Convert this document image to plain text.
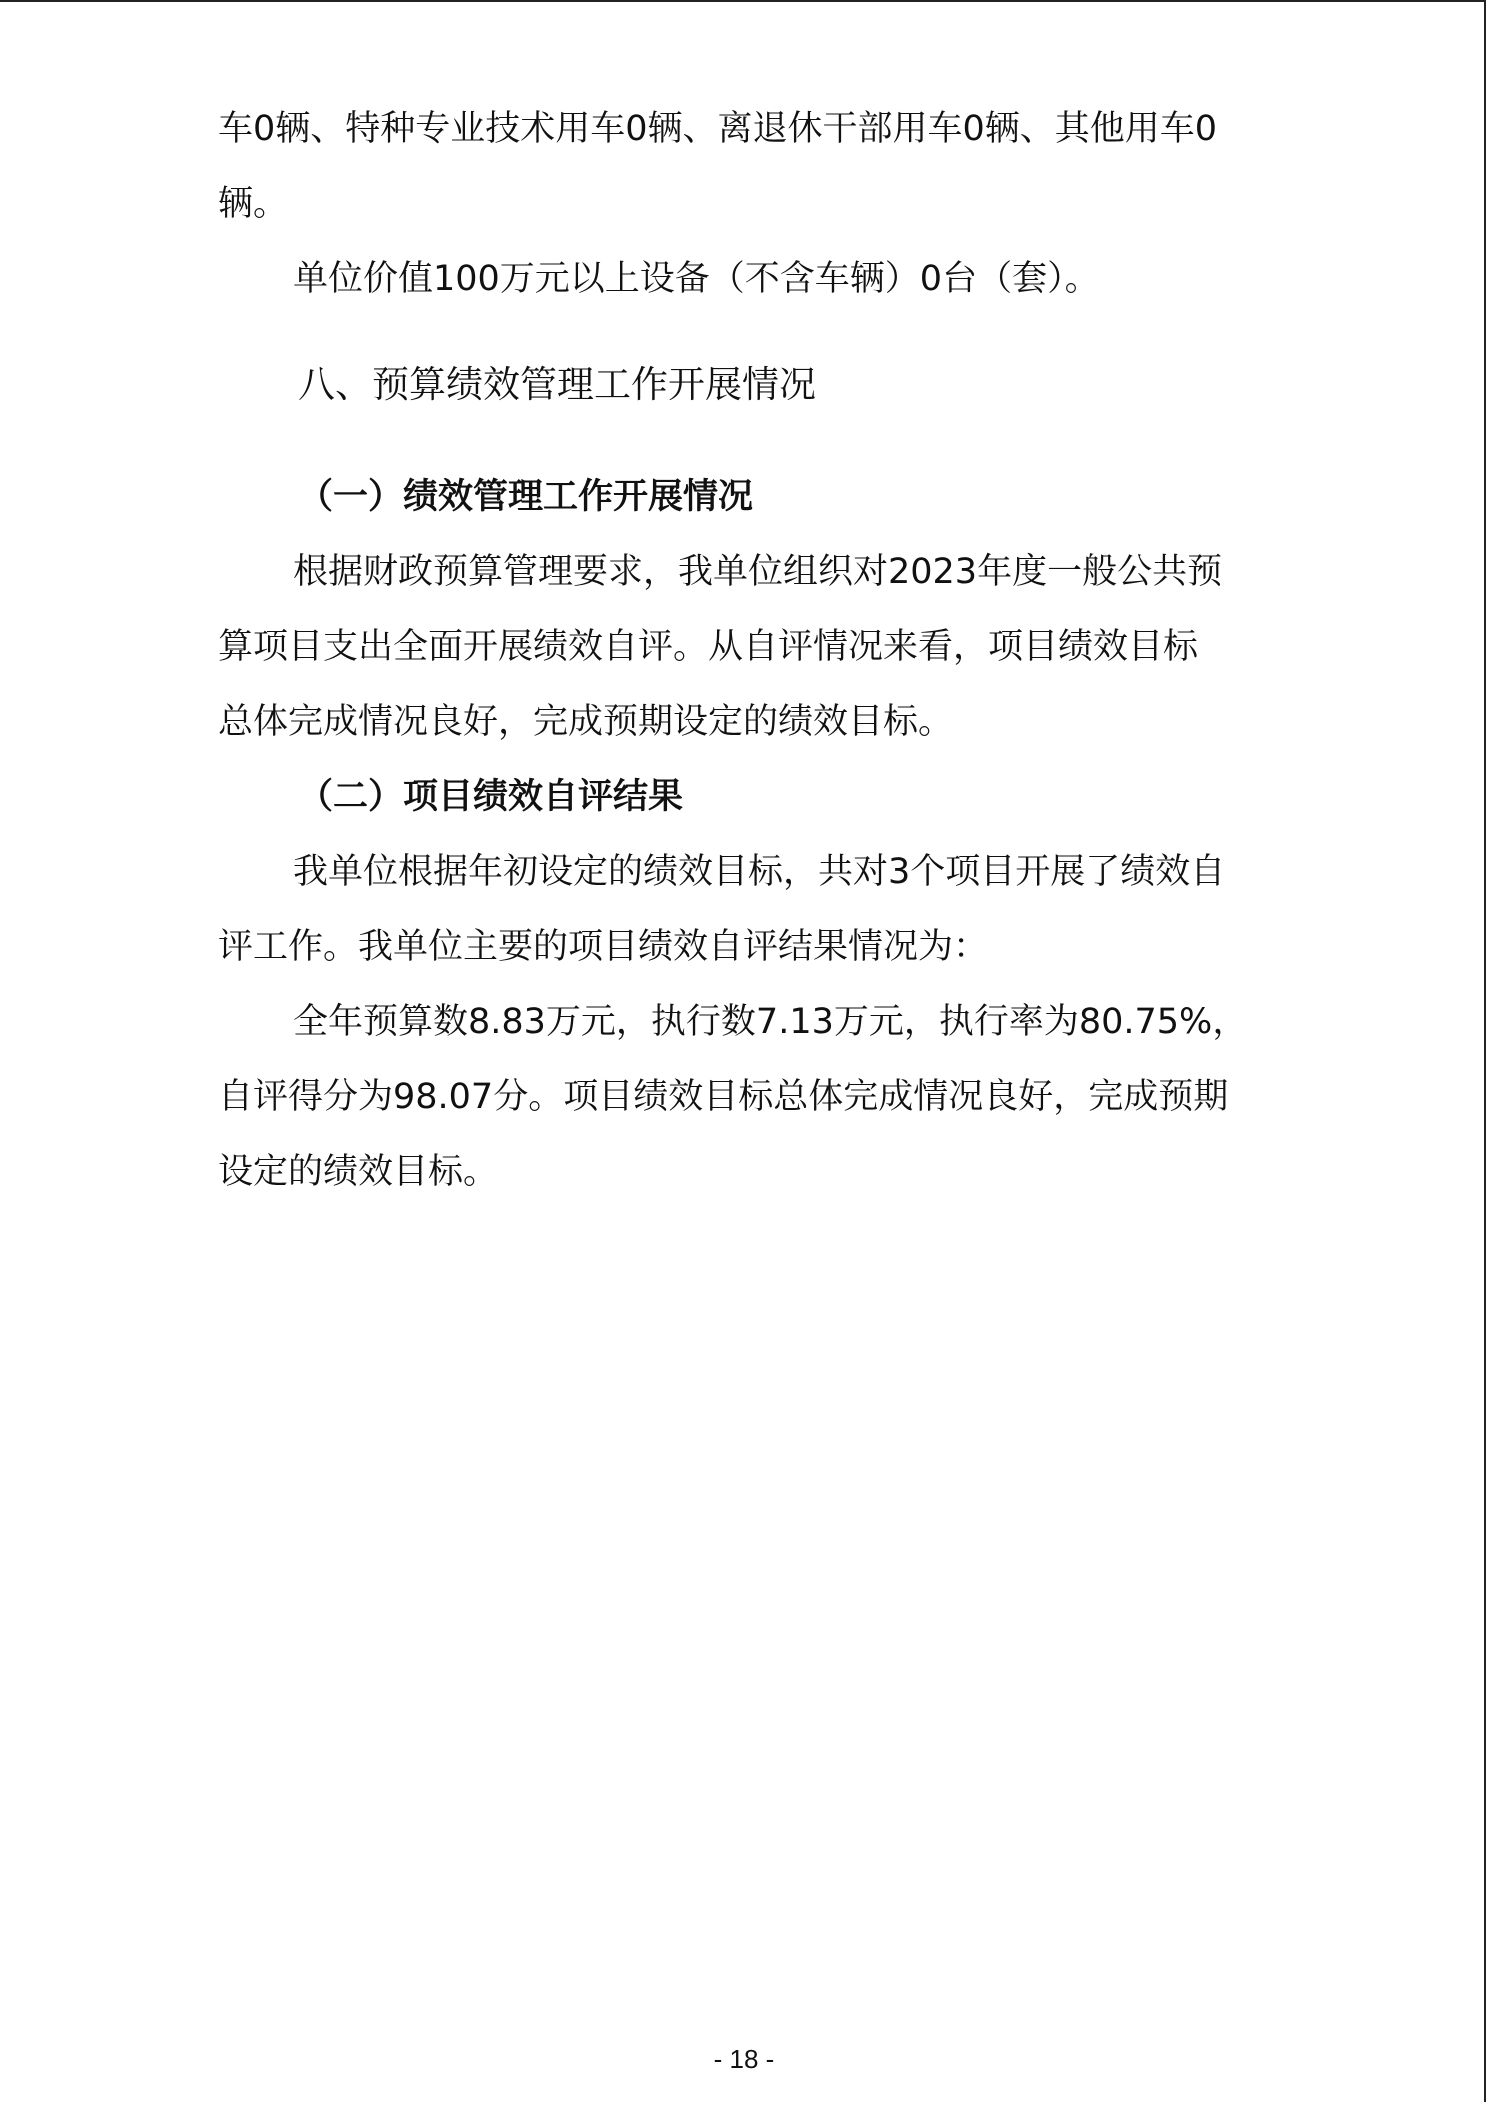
车0辆、特种专业技术用车0辆、离退休干部用车0辆、其他用车0
辆。
单位价值100万元以上设备（不含车辆）0台（套）。
八、预算绩效管理工作开展情况
（一）绩效管理工作开展情况
根据财政预算管理要求，我单位组织对2023年度一般公共预
算项目支出全面开展绩效自评。从自评情况来看，项目绩效目标
总体完成情况良好，完成预期设定的绩效目标。
（二）项目绩效自评结果
我单位根据年初设定的绩效目标，共对3个项目开展了绩效自
评工作。我单位主要的项目绩效自评结果情况为：
全年预算数8.83万元，执行数7.13万元，执行率为80.75%，
自评得分为98.07分。项目绩效目标总体完成情况良好，完成预期
设定的绩效目标。
- 18 -
